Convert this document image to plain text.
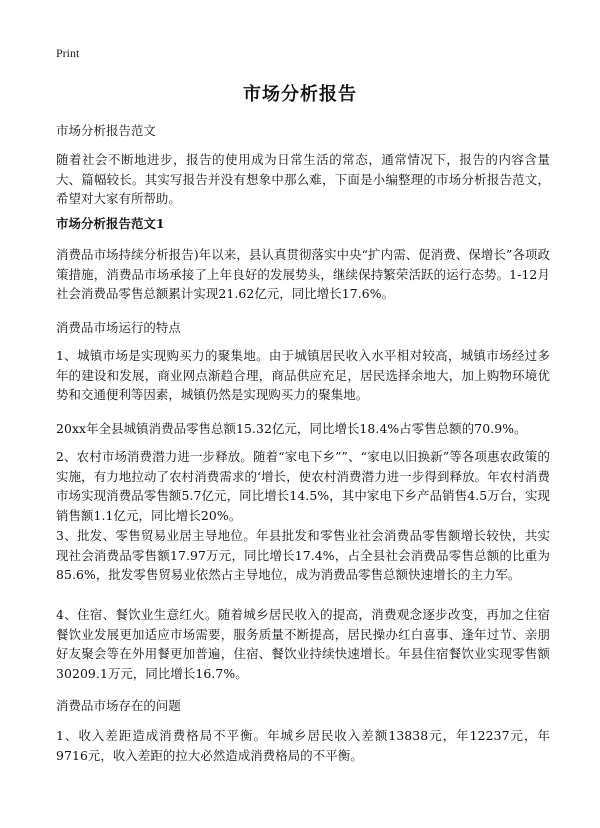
Print
市场分析报告

市场分析报告范文

随着社会不断地进步，报告的使用成为日常生活的常态，通常情况下，报告的内容含量大、篇幅较长。其实写报告并没有想象中那么难，下面是小编整理的市场分析报告范文，希望对大家有所帮助。

市场分析报告范文1

消费品市场持续分析报告)年以来，县认真贯彻落实中央“扩内需、促消费、保增长”各项政策措施，消费品市场承接了上年良好的发展势头，继续保持繁荣活跃的运行态势。1-12月社会消费品零售总额累计实现21.62亿元，同比增长17.6%。

消费品市场运行的特点

1、城镇市场是实现购买力的聚集地。由于城镇居民收入水平相对较高，城镇市场经过多年的建设和发展，商业网点渐趋合理，商品供应充足，居民选择余地大，加上购物环境优势和交通便利等因素，城镇仍然是实现购买力的聚集地。

20xx年全县城镇消费品零售总额15.32亿元，同比增长18.4%占零售总额的70.9%。

2、农村市场消费潜力进一步释放。随着“家电下乡””、“家电以旧换新”等各项惠农政策的实施，有力地拉动了农村消费需求的‘增长，使农村消费潜力进一步得到释放。年农村消费市场实现消费品零售额5.7亿元，同比增长14.5%，其中家电下乡产品销售4.5万台，实现销售额1.1亿元，同比增长20%。

3、批发、零售贸易业居主导地位。年县批发和零售业社会消费品零售额增长较快，共实现社会消费品零售额17.97万元，同比增长17.4%，占全县社会消费品零售总额的比重为85.6%，批发零售贸易业依然占主导地位，成为消费品零售总额快速增长的主力军。

4、住宿、餐饮业生意红火。随着城乡居民收入的提高，消费观念逐步改变，再加之住宿餐饮业发展更加适应市场需要，服务质量不断提高，居民操办红白喜事、逢年过节、亲朋好友聚会等在外用餐更加普遍，住宿、餐饮业持续快速增长。年县住宿餐饮业实现零售额30209.1万元，同比增长16.7%。

消费品市场存在的问题

1、收入差距造成消费格局不平衡。年城乡居民收入差额13838元，年12237元，年9716元，收入差距的拉大必然造成消费格局的不平衡。
